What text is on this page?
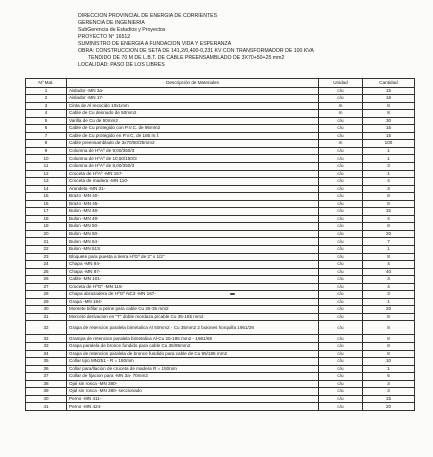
DIRECCION PROVINCIAL DE ENERGIA DE CORRIENTES
GERENCIA DE INGENIERIA
SubGerencia de Estudios y Proyectos
PROYECTO N° 16512
SUMINISTRO DE ENERGIA A FUNDACION VIDA Y ESPERANZA
OBRA: CONSTRUCCION DE SETA DE 141,2/0,400-0,231 KV CON TRANSFORMADOR DE 100 KVA
TENDIDO DE 70 M DE L.B.T. DE CABLE PREENSAMBLADO DE 3X70+50+25 mm2
LOCALIDAD: PASO DE LOS LIBRES
Nº Mat.	Descripción de Materiales	Unidad	Cantidad
1	Aislador -MN 3a-	c/u	15
2	Aislador -MN 17-	c/u	16
3	Cinta de Al recocido 10x1mm	m	8
4	Cable de Cu desnudo de 50mm2	m	8
5	Varilla de Cu de 50mm2	c/u	30
6	Cable de Cu protegido con P.V.C. de 95mm2	c/u	15
7	Cable de Cu protegido en P.V.C. de 185 m.f.	c/u	15
8	Cable preensamblado de 3x70/50/25mm2	m	100
9	Columna de HºAº de 9,00/350/3	c/u	1
10	Columna de HºAº de 10,50/150/3	c/u	1
11	Columna de HºAº de 8,00/350/3	c/u	3
12	Cruceta de HºAº -MN 157-	c/u	1
13	Cruceta de madera -MN 110-	c/u	4
14	Arandela -MN 31-	c/u	3
15	Brazo -MN 40-	c/u	8
16	Brazo -MN 45-	c/u	8
17	Bulon -MN 48-	c/u	32
18	Bulon -MN 49-	c/u	4
19	Bulon -MN 50-	c/u	8
20	Bulon -MN 60-	c/u	20
21	Bulon -MN 64-	c/u	7
22	Bulon -MN 51S	c/u	1
23	Bloquete para puesta a tierra HºGº de 2" x 1/2"	c/u	8
24	Chapa -MN 84-	c/u	4
25	Chapa -MN 87-	c/u	40
26	Cable -MN 101-	c/u	3
27	Cruceta de HºGº -MN 115-	c/u	4
28	Chapa abrazadera de HºGº NC3 -MN 167-	c/u	3
29	Grapa -MN 194-	c/u	1
30	Morsete bifilar a peine para cable Cu 25-35 mm2	c/u	20
31	Morceto derivacion en "T" doble mordaza p/cable Cu 35-185 mm2	c/u	8
32	Grapa de retencion paralela bimetalica Al 50mm2 - Cu 35mm2 2 bulones horquilla 1961/28	c/u	8
32	Grampa de retencion paralela bimetalica Al-Cu 25-185 mm2 - 1961/68	c/u	8
33	Grapa paralela de bronce fundido para cable Cu 35/95mm2	c/u	8
34	Grapa de retencion paralela de bronce fundido para cable de Cu 95/185 mm2	c/u	8
35	Collar tipo MN251 - R = 150mm	c/u	10
36	Collar para/llacion de cruceta de madera R = 150mm	c/u	1
37	Collar de fijacion para -MN 3a- 70mm2	c/u	6
38	Ojal sin rosca -MN 380-	c/u	3
39	Ojal sin rosca -MN 380- seccionado	c/u	3
40	Perno -MN 411-	c/u	15
41	Perno -MN 424-	c/u	20
